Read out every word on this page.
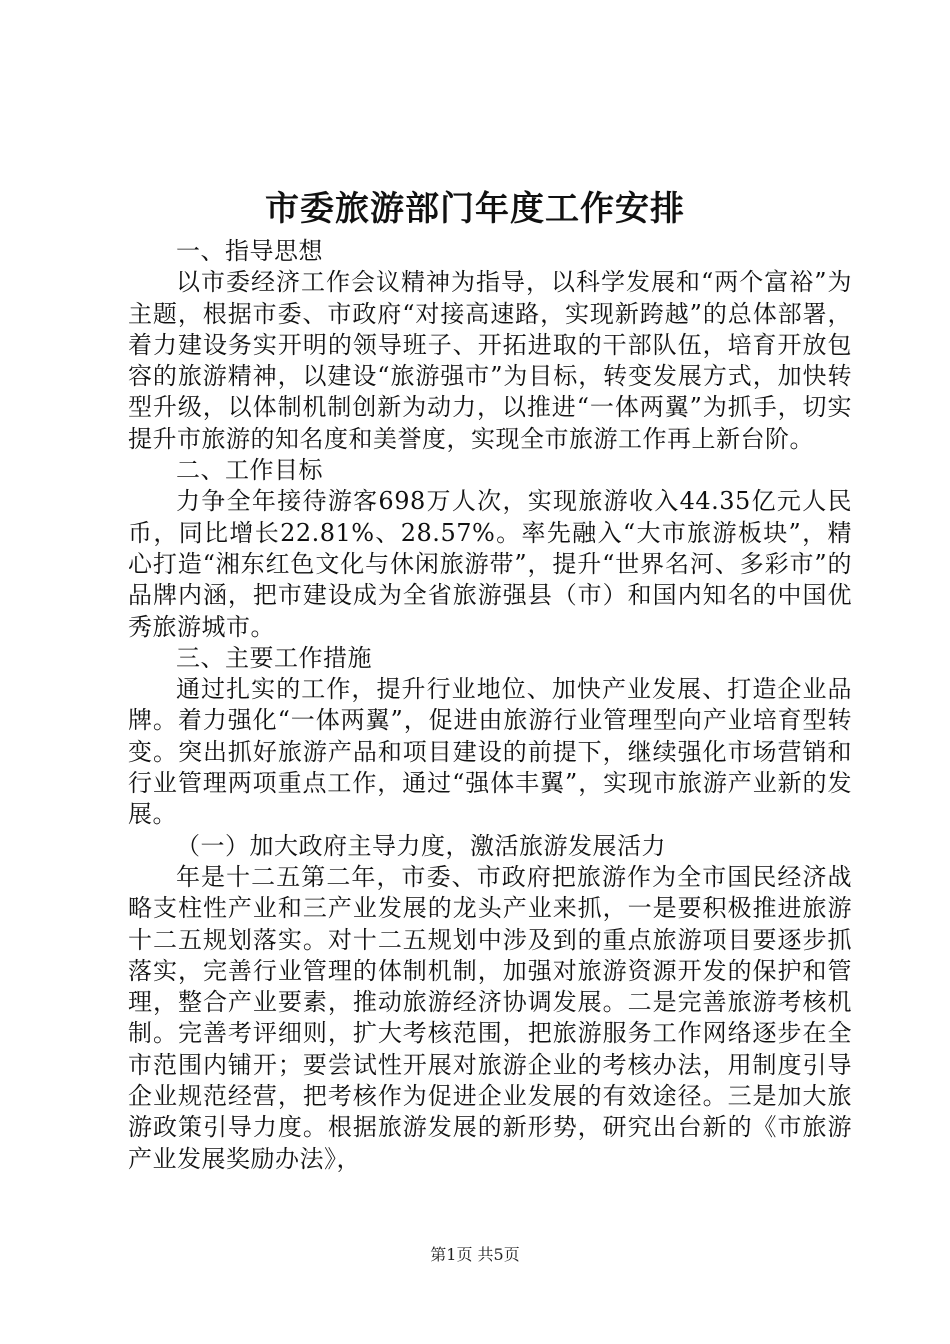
市委旅游部门年度工作安排

一、指导思想

以市委经济工作会议精神为指导，以科学发展和“两个富裕”为主题，根据市委、市政府“对接高速路，实现新跨越”的总体部署，着力建设务实开明的领导班子、开拓进取的干部队伍，培育开放包容的旅游精神，以建设“旅游强市”为目标，转变发展方式，加快转型升级，以体制机制创新为动力，以推进“一体两翼”为抓手，切实提升市旅游的知名度和美誉度，实现全市旅游工作再上新台阶。

二、工作目标

力争全年接待游客698万人次，实现旅游收入44.35亿元人民币，同比增长22.81%、28.57%。率先融入“大市旅游板块”，精心打造“湘东红色文化与休闲旅游带”，提升“世界名河、多彩市”的品牌内涵，把市建设成为全省旅游强县（市）和国内知名的中国优秀旅游城市。

三、主要工作措施

通过扎实的工作，提升行业地位、加快产业发展、打造企业品牌。着力强化“一体两翼”，促进由旅游行业管理型向产业培育型转变。突出抓好旅游产品和项目建设的前提下，继续强化市场营销和行业管理两项重点工作，通过“强体丰翼”，实现市旅游产业新的发展。

（一）加大政府主导力度，激活旅游发展活力

年是十二五第二年，市委、市政府把旅游作为全市国民经济战略支柱性产业和三产业发展的龙头产业来抓，一是要积极推进旅游十二五规划落实。对十二五规划中涉及到的重点旅游项目要逐步抓落实，完善行业管理的体制机制，加强对旅游资源开发的保护和管理，整合产业要素，推动旅游经济协调发展。二是完善旅游考核机制。完善考评细则，扩大考核范围，把旅游服务工作网络逐步在全市范围内铺开；要尝试性开展对旅游企业的考核办法，用制度引导企业规范经营，把考核作为促进企业发展的有效途径。三是加大旅游政策引导力度。根据旅游发展的新形势，研究出台新的《市旅游产业发展奖励办法》，

第1页 共5页
